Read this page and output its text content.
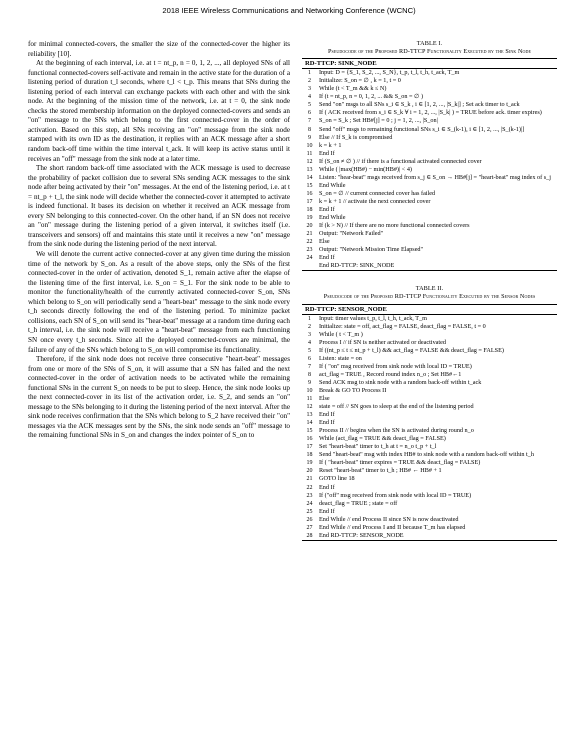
2018 IEEE Wireless Communications and Networking Conference (WCNC)

for minimal connected-covers, the smaller the size of the connected-cover the higher its reliability [10].

At the beginning of each interval, i.e. at t = nt_p, n = 0, 1, 2, ..., all deployed SNs of all functional connected-covers self-activate and remain in the active state for the duration of a listening period of duration t_l seconds, where t_l < t_p. This means that SNs during the listening period of each interval can exchange packets with each other and with the sink node. At the beginning of the mission time of the network, i.e. at t = 0, the sink node checks the stored membership information on the deployed connected-covers and sends an "on" message to the SNs which belong to the first connected-cover in the order of activation. Based on this step, all SNs receiving an "on" message from the sink node stamped with its own ID as the destination, it replies with an ACK message after a short random back-off time within the time interval t_ack. It will keep its active status until it receives an "off" message from the sink node at a later time.

The short random back-off time associated with the ACK message is used to decrease the probability of packet collision due to several SNs sending ACK messages to the sink node after being activated by their "on" messages. At the end of the listening period, i.e. at t = nt_p + t_l, the sink node will decide whether the connected-cover it attempted to activate is indeed functional. It bases its decision on whether it received an ACK message from every SN belonging to this connected-cover. On the other hand, if an SN does not receive an "on" message during the listening period of a given interval, it switches itself (i.e. transceivers and sensors) off and maintains this state until it receives a new "on" message from the sink node during the listening period of the next interval.

We will denote the current active connected-cover at any given time during the mission time of the network by S_on. As a result of the above steps, only the SNs of the first connected-cover in the order of activation, denoted S_1, remain active after the elapse of the listening time of the first interval, i.e. S_on = S_1. For the sink node to be able to monitor the functionality/health of the currently activated connected-cover S_on, SNs which belong to S_on will periodically send a "heart-beat" message to the sink node every t_h seconds directly following the end of the listening period. To minimize packet collisions, each SN of S_on will send its "hear-beat" message at a random time during each t_h interval, i.e. the sink node will receive a "heart-beat" message from each functioning SN once every t_h seconds. Since all the deployed connected-covers are minimal, the failure of any of the SNs which belong to S_on will compromise its functionality.

Therefore, if the sink node does not receive three consecutive "heart-beat" messages from one or more of the SNs of S_on, it will assume that a SN has failed and the next connected-cover in the order of activation needs to be activated while the remaining functional SNs in the current S_on needs to be put to sleep. Hence, the sink node looks up the next connected-cover in its list of the activation order, i.e. S_2, and sends an "on" message to the SNs belonging to it during the listening period of the next interval. After the sink node receives confirmation that the SNs which belong to S_2 have received their "on" messages via the ACK messages sent by the SNs, the sink node sends an "off" message to the remaining functional SNs in S_on and changes the index pointer of S_on to

TABLE I.
Pseudocode of the Proposed RD-TTCP Functionality Executed by the Sink Node
RD-TTCP: SINK_NODE
1	Input: D = {S_1, S_2, ..., S_N}, t_p, t_l, t_h, t_ack, T_m
2	Initialize: S_on = ∅ , k = 1, t = 0
3	While (t < T_m && k ≤ N)
4	If (t = nt_p, n = 0, 1, 2, ... && S_on = ∅ )
5	Send "on" msgs to all SNs s_i ∈ S_k , i ∈ [1, 2, ..., |S_k|] ; Set ack timer to t_ack
6	If ( ACK received from s_i ∈ S_k ∀ i = 1, 2, ..., |S_k| ) = TRUE before ack. timer expires)
7	S_on = S_k ; Set HB#[j] = 0 ; j = 1, 2, ..., |S_on|
8	Send "off" msgs to remaining functional SNs s_i ∈ S_(k-1), i ∈ [1, 2, ..., |S_(k-1)|]
9	Else // If S_k is compromised
10	k = k + 1
11	End If
12	If (S_on ≠ ∅ ) // if there is a functional activated connected cover
13	While ( |max(HB#) − min(HB#)| < 4)
14	Listen: "hear-beat" msgs received from s_j ∈ S_on → HB#[j] = "heart-beat" msg index of s_j
15	End While
16	S_on = ∅ // current connected cover has failed
17	k = k + 1 // activate the next connected cover
18	End If
19	End While
20	If (k > N) // If there are no more functional connected covers
21	Output: "Network Failed"
22	Else
23	Output: "Network Mission Time Elapsed"
24	End If
End RD-TTCP: SINK_NODE
TABLE II.
Pseudocode of the Proposed RD-TTCP Functionality Executed by the Sensor Nodes
RD-TTCP: SENSOR_NODE
1	Input: timer values t_p, t_l, t_h, t_ack, T_m
2	Initialize: state = off, act_flag = FALSE, deact_flag = FALSE, t = 0
3	While ( t < T_m )
4	Process I // if SN is neither activated or deactivated
5	If ((nt_p ≤ t ≤ nt_p + t_l) && act_flag = FALSE && deact_flag = FALSE)
6	Listen: state = on
7	If ( "on" msg received from sink node with local ID = TRUE)
8	act_flag = TRUE , Record round index n_o ; Set HB#←1
9	Send ACK msg to sink node with a random back-off within t_ack
10	Break & GO TO Process II
11	Else
12	state = off // SN goes to sleep at the end of the listening period
13	End If
14	End If
15	Process II // begins when the SN is activated during round n_o
16	While (act_flag = TRUE && deact_flag = FALSE)
17	Set "heart-beat" timer to t_h at t = n_o t_p + t_l
18	Send "heart-beat" msg with index HB# to sink node with a random back-off within t_h
19	If ( "heart-beat" timer expires = TRUE && deact_flag = FALSE)
20	Reset "heart-beat" timer to t_h ; HB# ← HB# + 1
21	GOTO line 18
22	End If
23	If ("off" msg received from sink node with local ID = TRUE)
24	deact_flag = TRUE ; state = off
25	End If
26	End While // end Process II since SN is now deactivated
27	End While // end Process I and II because T_m has elapsed
28	End RD-TTCP: SENSOR_NODE
